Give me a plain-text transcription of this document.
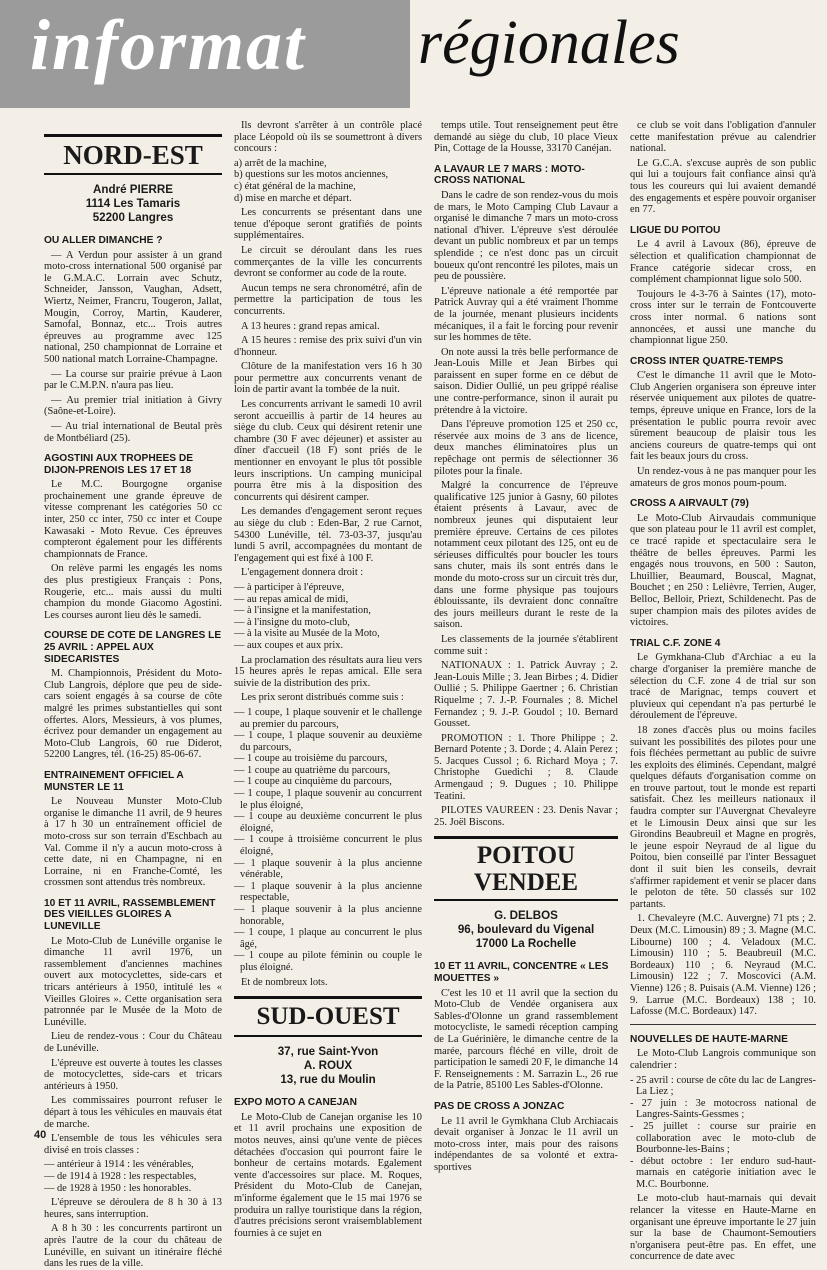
informat régionales
NORD-EST
André PIERRE
1114 Les Tamaris
52200 Langres
OU ALLER DIMANCHE ?

— A Verdun pour assister à un grand moto-cross international 500 organisé par le G.M.A.C. Lorrain avec Schutz, Schneider, Jansson, Vaughan, Adsett, Wiertz, Neimer, Francru, Tougeron, Jallat, Mougin, Corroy, Martin, Kauderer, Samofal, Bonnaz, etc... Trois autres épreuves au programme avec 125 national, 250 championnat de Lorraine et 500 national match Lorraine-Champagne.

— La course sur prairie prévue à Laon par le C.M.P.N. n'aura pas lieu.

— Au premier trial initiation à Givry (Saône-et-Loire).

— Au trial international de Beutal près de Montbéliard (25).

AGOSTINI AUX TROPHEES DE DIJON-PRENOIS LES 17 ET 18

Le M.C. Bourgogne organise prochainement une grande épreuve de vitesse comprenant les catégories 50 cc inter, 250 cc inter, 750 cc inter et Coupe Kawasaki - Moto Revue. Ces épreuves compteront également pour les différents championnats de France.

On relève parmi les engagés les noms des plus prestigieux Français : Pons, Rougerie, etc... mais aussi du multi champion du monde Giacomo Agostini. Les courses auront lieu dès le samedi.

COURSE DE COTE DE LANGRES LE 25 AVRIL : APPEL AUX SIDECARISTES

M. Championnois, Président du Moto-Club Langrois, déplore que peu de side-cars soient engagés à sa course de côte malgré les primes substantielles qui sont offertes. Alors, Messieurs, à vos plumes, écrivez pour demander un engagement au Moto-Club Langrois, 60 rue Diderot, 52200 Langres, tél. (16-25) 85-06-67.

ENTRAINEMENT OFFICIEL A MUNSTER LE 11

Le Nouveau Munster Moto-Club organise le dimanche 11 avril, de 9 heures à 17 h 30 un entraînement officiel de moto-cross sur son terrain d'Eschbach au Val. Comme il n'y a aucun moto-cross à cette date, ni en Champagne, ni en Lorraine, ni en Franche-Comté, les crossmen sont attendus très nombreux.

10 ET 11 AVRIL, RASSEMBLEMENT DES VIEILLES GLOIRES A LUNEVILLE

Le Moto-Club de Lunéville organise le dimanche 11 avril 1976, un rassemblement d'anciennes machines ouvert aux motocyclettes, side-cars et tricars antérieurs à 1950, intitulé les « Vieilles Gloires ». Cette organisation sera patronnée par le Musée de la Moto de Lunéville.

Lieu de rendez-vous : Cour du Château de Lunéville.

L'épreuve est ouverte à toutes les classes de motocyclettes, side-cars et tricars antérieurs à 1950.

Les commissaires pourront refuser le départ à tous les véhicules en mauvais état de marche.

L'ensemble de tous les véhicules sera divisé en trois classes :

— antérieur à 1914 : les vénérables,
— de 1914 à 1928 : les respectables,
— de 1928 à 1950 : les honorables.

L'épreuve se déroulera de 8 h 30 à 13 heures, sans interruption.

A 8 h 30 : les concurrents partiront un après l'autre de la cour du château de Lunéville, en suivant un itinéraire fléché dans les rues de la ville.

Ils devront s'arrêter à un contrôle placé place Léopold où ils se soumettront à divers concours :

a) arrêt de la machine,
b) questions sur les motos anciennes,
c) état général de la machine,
d) mise en marche et départ.

Les concurrents se présentant dans une tenue d'époque seront gratifiés de points supplémentaires.

Le circuit se déroulant dans les rues commerçantes de la ville les concurrents devront se conformer au code de la route.

Aucun temps ne sera chronométré, afin de permettre la participation de tous les concurrents.

A 13 heures : grand repas amical.

A 15 heures : remise des prix suivi d'un vin d'honneur.

Clôture de la manifestation vers 16 h 30 pour permettre aux concurrents venant de loin de partir avant la tombée de la nuit.

Les concurrents arrivant le samedi 10 avril seront accueillis à partir de 14 heures au siège du club. Ceux qui désirent retenir une chambre (30 F avec déjeuner) et assister au dîner d'accueil (18 F) sont priés de le mentionner en envoyant le plus tôt possible leurs inscriptions. Un camping municipal pourra être mis à la disposition des concurrents qui désirent camper.

Les demandes d'engagement seront reçues au siège du club : Eden-Bar, 2 rue Carnot, 54300 Lunéville, tél. 73-03-37, jusqu'au lundi 5 avril, accompagnées du montant de l'engagement qui est fixé à 100 F.

L'engagement donnera droit :

— à participer à l'épreuve,
— au repas amical de midi,
— à l'insigne et la manifestation,
— à l'insigne du moto-club,
— à la visite au Musée de la Moto,
— aux coupes et aux prix.

La proclamation des résultats aura lieu vers 15 heures après le repas amical. Elle sera suivie de la distribution des prix.

Les prix seront distribués comme suis :

— 1 coupe, 1 plaque souvenir et le challenge au premier du parcours,
— 1 coupe, 1 plaque souvenir au deuxième du parcours,
— 1 coupe au troisième du parcours,
— 1 coupe au quatrième du parcours,
— 1 coupe au cinquième du parcours,
— 1 coupe, 1 plaque souvenir au concurrent le plus éloigné,
— 1 coupe au deuxième concurrent le plus éloigné,
— 1 coupe à ttroisième concurrent le plus éloigné,
— 1 plaque souvenir à la plus ancienne vénérable,
— 1 plaque souvenir à la plus ancienne respectable,
— 1 plaque souvenir à la plus ancienne honorable,
— 1 coupe, 1 plaque au concurrent le plus âgé,
— 1 coupe au pilote féminin ou couple le plus éloigné.

Et de nombreux lots.

SUD-OUEST
37, rue Saint-Yvon
A. ROUX
13, rue du Moulin
EXPO MOTO A CANEJAN

Le Moto-Club de Canejan organise les 10 et 11 avril prochains une exposition de motos neuves, ainsi qu'une vente de pièces détachées d'occasion qui pourront faire le bonheur de certains motards. Egalement vente d'accessoires sur place. M. Roques, Président du Moto-Club de Canejan, m'informe également que le 15 mai 1976 se produira un rallye touristique dans la région, d'autres précisions seront vraisemblablement fournies à ce sujet en

temps utile. Tout renseignement peut être demandé au siège du club, 10 place Vieux Pin, Cottage de la Housse, 33170 Canéjan.

A LAVAUR LE 7 MARS : MOTO-CROSS NATIONAL

Dans le cadre de son rendez-vous du mois de mars, le Moto Camping Club Lavaur a organisé le dimanche 7 mars un moto-cross national d'hiver. L'épreuve s'est déroulée devant un public nombreux et par un temps splendide ; ce n'est donc pas un circuit boueux qu'ont rencontré les pilotes, mais un peu de poussière.

L'épreuve nationale a été remportée par Patrick Auvray qui a été vraiment l'homme de la journée, menant plusieurs incidents mécaniques, il a fait le forcing pour revenir sur les hommes de tête.

On note aussi la très belle performance de Jean-Louis Mille et Jean Birbes qui paraissent en super forme en ce début de saison. Didier Oullié, un peu grippé réalise une contre-performance, sinon il aurait pu prétendre à la victoire.

Dans l'épreuve promotion 125 et 250 cc, réservée aux moins de 3 ans de licence, deux manches éliminatoires plus un repêchage ont permis de sélectionner 36 pilotes pour la finale.

Malgré la concurrence de l'épreuve qualificative 125 junior à Gasny, 60 pilotes étaient présents à Lavaur, avec de nombreux jeunes qui disputaient leur première épreuve. Certains de ces pilotes notamment ceux pilotant des 125, ont eu de sérieuses difficultés pour boucler les tours sans chuter, mais ils sont entrés dans le monde du moto-cross sur un circuit très dur, dans une forme physique pas toujours éblouissante, ils devraient donc connaître des jours meilleurs durant le reste de la saison.

Les classements de la journée s'établirent comme suit :

NATIONAUX : 1. Patrick Auvray ; 2. Jean-Louis Mille ; 3. Jean Birbes ; 4. Didier Oullié ; 5. Philippe Gaertner ; 6. Christian Riquelme ; 7. J.-P. Fournales ; 8. Michel Fernandez ; 9. J.-P. Goudol ; 10. Bernard Gousset.

PROMOTION : 1. Thore Philippe ; 2. Bernard Potente ; 3. Dorde ; 4. Alain Perez ; 5. Jacques Cussol ; 6. Richard Moya ; 7. Christophe Guedichi ; 8. Claude Armengaud ; 9. Dugues ; 10. Philippe Teatini.

PILOTES VAUREEN : 23. Denis Navar ; 25. Joël Biscons.

POITOU
VENDEE
G. DELBOS
96, boulevard du Vigenal
17000 La Rochelle
10 ET 11 AVRIL, CONCENTRE « LES MOUETTES »

C'est les 10 et 11 avril que la section du Moto-Club de Vendée organisera aux Sables-d'Olonne un grand rassemblement motocycliste, le samedi réception camping de La Guérinière, le dimanche centre de la marée, parcours fléché en ville, droit de participation le samedi 20 F, le dimanche 14 F. Renseignements : M. Sarrazin L., 26 rue de la Patrie, 85100 Les Sables-d'Olonne.

PAS DE CROSS A JONZAC

Le 11 avril le Gymkhana Club Archiacais devait organiser à Jonzac le 11 avril un moto-cross inter, mais pour des raisons indépendantes de sa volonté et extra-sportives

ce club se voit dans l'obligation d'annuler cette manifestation prévue au calendrier national.

Le G.C.A. s'excuse auprès de son public qui lui a toujours fait confiance ainsi qu'à tous les coureurs qui lui avaient demandé des engagements et espère pouvoir organiser en 77.

LIGUE DU POITOU

Le 4 avril à Lavoux (86), épreuve de sélection et qualification championnat de France catégorie sidecar cross, en complément championnat ligue solo 500.

Toujours le 4-3-76 à Saintes (17), moto-cross inter sur le terrain de Fontcouverte cross inter normal. 6 nations sont annoncées, et aussi une manche du championnat ligue 250.

CROSS INTER QUATRE-TEMPS

C'est le dimanche 11 avril que le Moto-Club Angerien organisera son épreuve inter réservée uniquement aux pilotes de quatre-temps, épreuve unique en France, lors de la présentation le public pourra revoir avec sûrement beaucoup de plaisir tous les anciens coureurs de quatre-temps qui ont fait les beaux jours du cross.

Un rendez-vous à ne pas manquer pour les amateurs de gros monos poum-poum.

CROSS A AIRVAULT (79)

Le Moto-Club Airvaudais communique que son plateau pour le 11 avril est complet, ce tracé rapide et spectaculaire sera le théâtre de belles épreuves. Parmi les engagés nous trouvons, en 500 : Sauton, Lhuillier, Beaumard, Bouscal, Magnat, Bouchet ; en 250 : Lelièvre, Terrien, Auger, Belloc, Belloir, Priezt, Schildenecht. Pas de super champion mais des pilotes avides de victoires.

TRIAL C.F. ZONE 4

Le Gymkhana-Club d'Archiac a eu la charge d'organiser la première manche de sélection du C.F. zone 4 de trial sur son tracé de Marignac, temps couvert et pluvieux qui cependant n'a pas perturbé le déroulement de l'épreuve.

18 zones d'accès plus ou moins faciles suivant les possibilités des pilotes pour une fois fléchées permettant au public de suivre les exploits des éliminés. Cependant, malgré quelques défauts d'organisation comme on en trouve partout, tout le monde est reparti satisfait. Chez les meilleurs nationaux il faudra compter sur l'Auvergnat Chevaleyre et le Limousin Deux ainsi que sur les Girondins Beaubreuil et Magne en progrès, le jeune espoir Neyraud de al ligue du Poitou, bien conseillé par l'inter Bessaguet dont il suit bien les conseils, devrait s'affirmer rapidement et venir se placer dans le peloton de tête. 50 classés sur 102 partants.

1. Chevaleyre (M.C. Auvergne) 71 pts ; 2. Deux (M.C. Limousin) 89 ; 3. Magne (M.C. Libourne) 100 ; 4. Veladoux (M.C. Limousin) 110 ; 5. Beaubreuil (M.C. Bordeaux) 110 ; 6. Neyraud (M.C. Limousin) 122 ; 7. Moscovici (A.M. Vienne) 126 ; 8. Puisais (A.M. Vienne) 126 ; 9. Larrue (M.C. Bordeaux) 138 ; 10. Lafosse (M.C. Bordeaux) 147.

NOUVELLES DE HAUTE-MARNE

Le Moto-Club Langrois communique son calendrier :

- 25 avril : course de côte du lac de Langres-La Liez ;
- 27 juin : 3e motocross national de Langres-Saints-Gessmes ;
- 25 juillet : course sur prairie en collaboration avec le moto-club de Bourbonne-les-Bains ;
- début octobre : 1er enduro sud-haut-marnais en catégorie initiation avec le M.C. Bourbonne.

Le moto-club haut-marnais qui devait relancer la vitesse en Haute-Marne en organisant une épreuve importante le 27 juin sur la base de Chaumont-Semoutiers n'organisera peut-être pas. En effet, une concurrence de date avec

40
